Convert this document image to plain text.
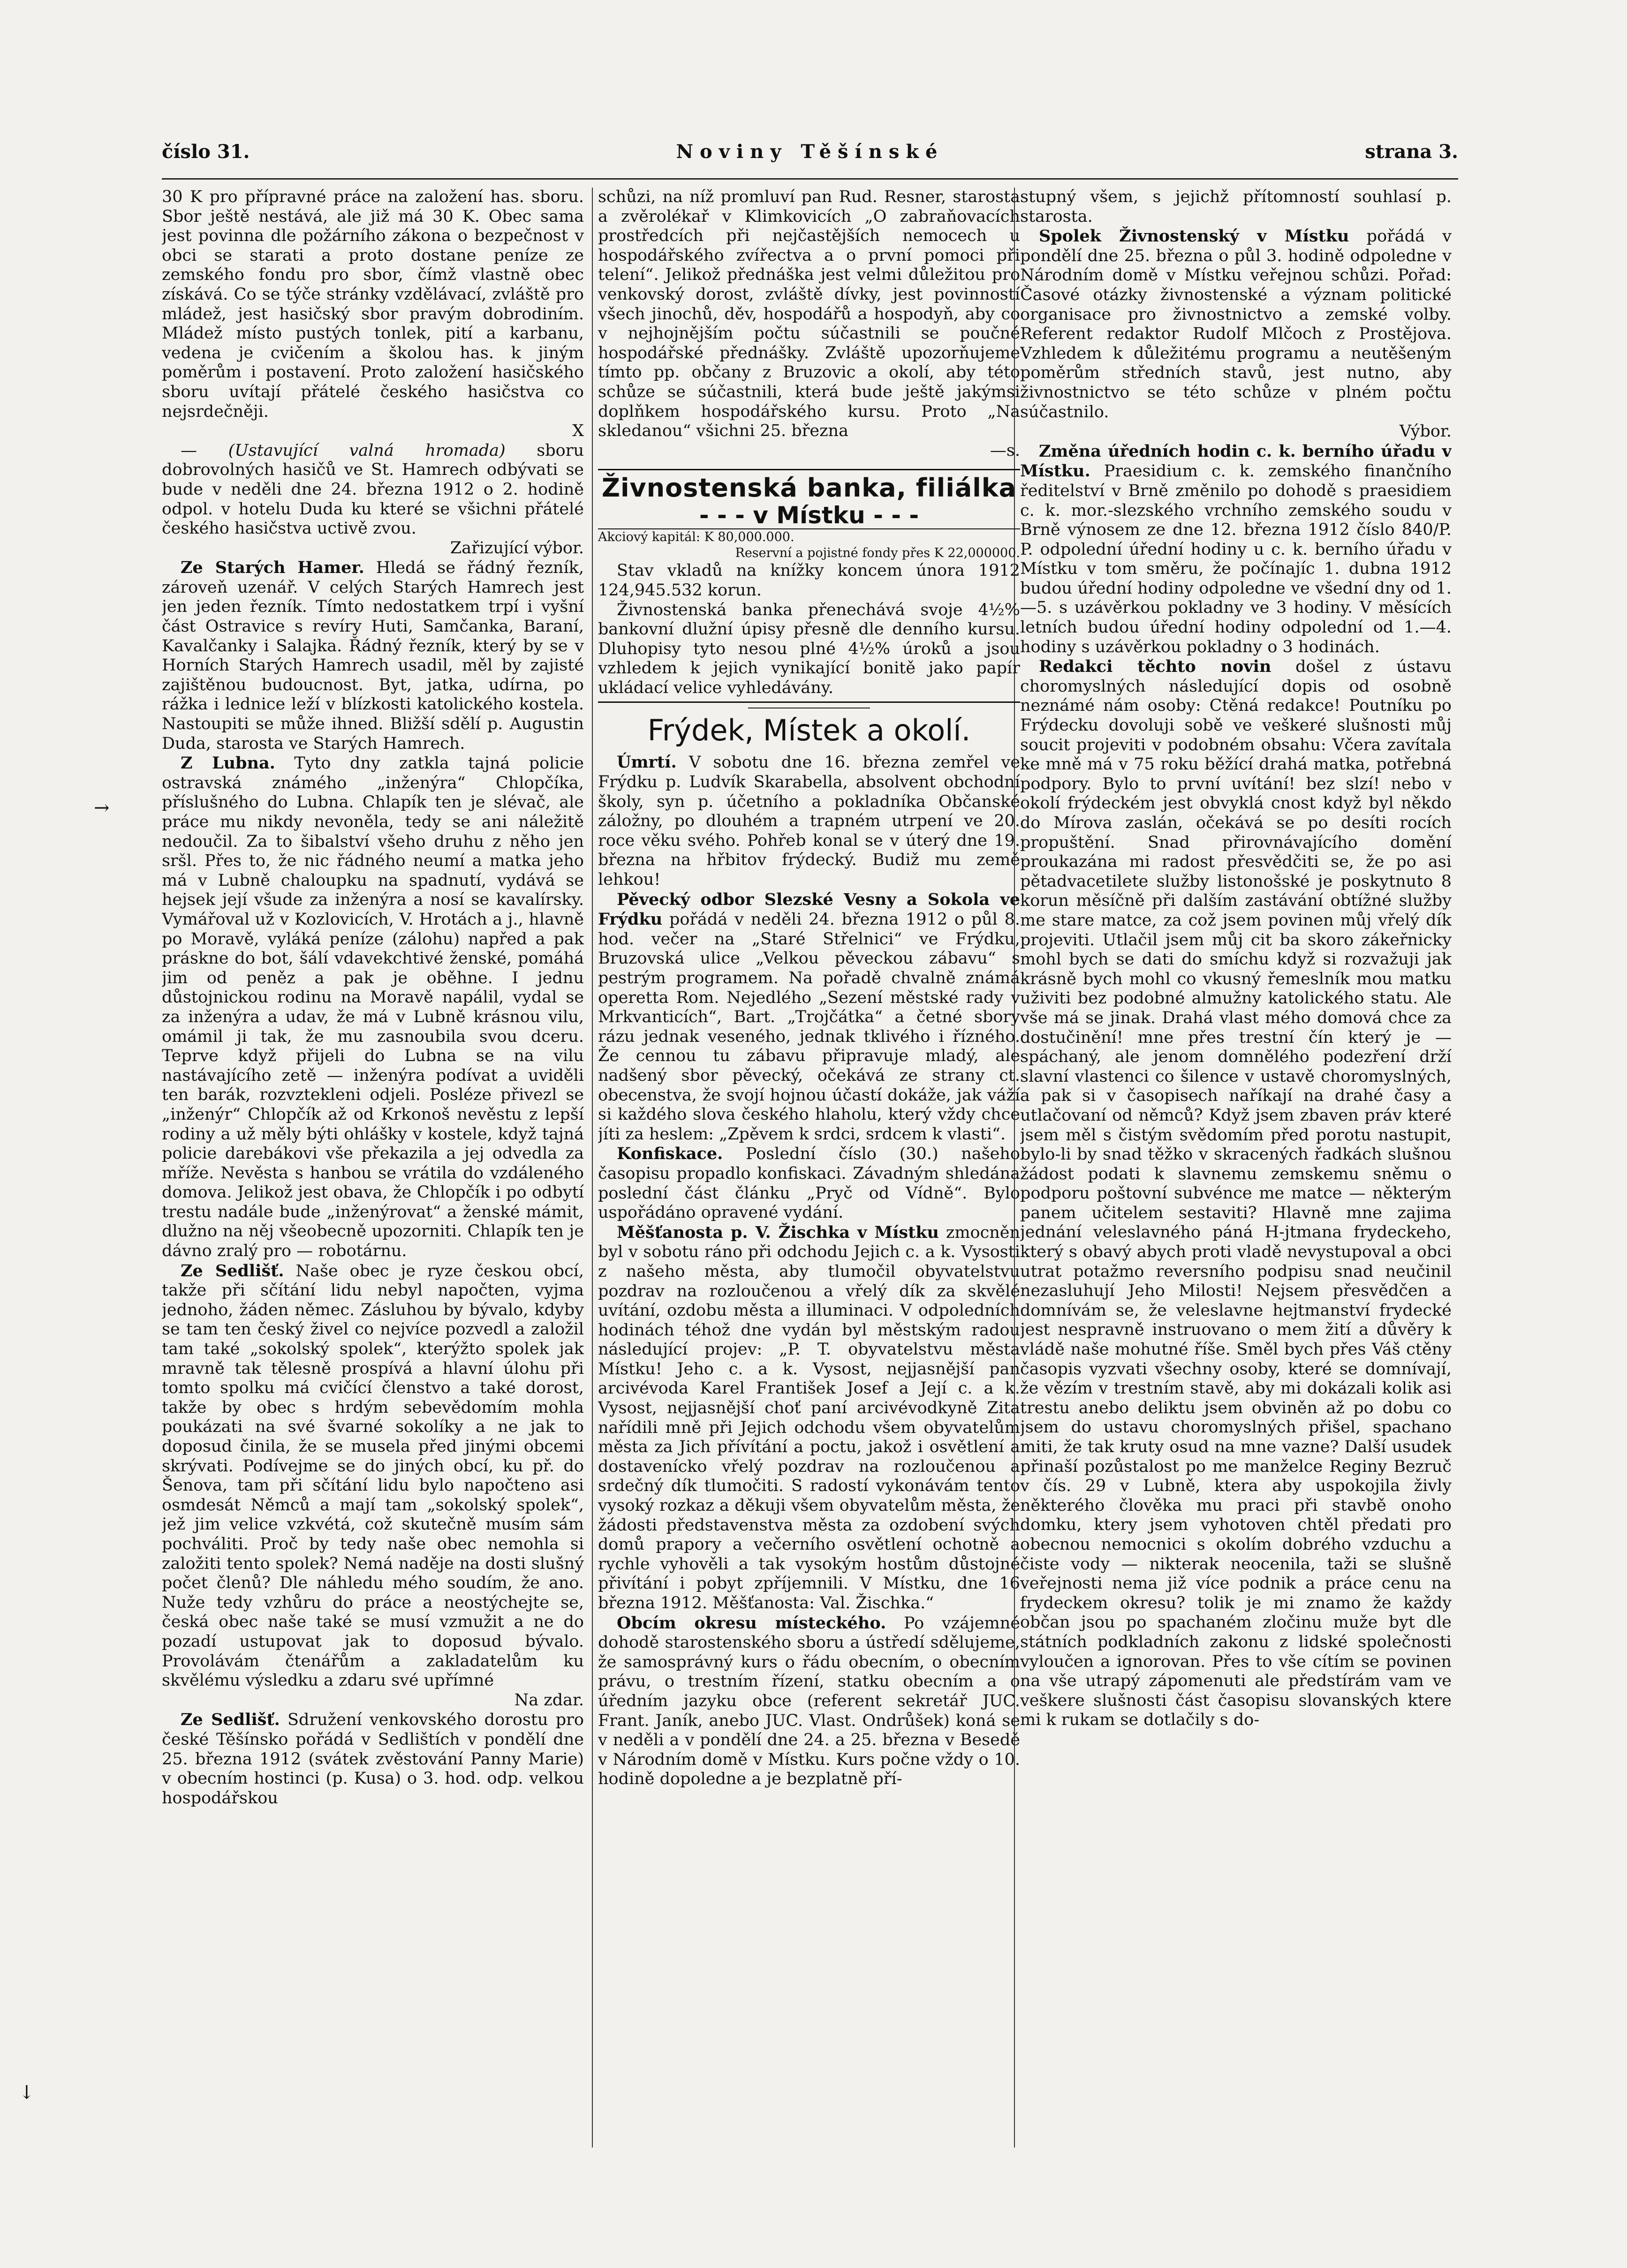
číslo 31.	Noviny Těšínské	strana 3.

30 K pro přípravné práce na založení has. sboru. Sbor ještě nestává, ale již má 30 K. Obec sama jest povinna dle požárního zákona o bezpečnost v obci se starati a proto dostane peníze ze zemského fondu pro sbor, čímž vlastně obec získává. Co se týče stránky vzdělávací, zvláště pro mládež, jest hasičský sbor pravým dobrodiním. Mládež místo pustých tonlek, pití a karbanu, vedena je cvičením a školou has. k jiným poměrům i postavení. Proto založení hasičského sboru uvítají přátelé českého hasičstva co nejsrdečněji.

X

— (Ustavující valná hromada) sboru dobrovolných hasičů ve St. Hamrech odbývati se bude v neděli dne 24. března 1912 o 2. hodině odpol. v hotelu Duda ku které se všichni přátelé českého hasičstva uctivě zvou.

Zařizující výbor.

Ze Starých Hamer. Hledá se řádný řezník, zároveň uzenář. V celých Starých Hamrech jest jen jeden řezník. Tímto nedostatkem trpí i vyšní část Ostravice s revíry Huti, Samčanka, Baraní, Kavalčanky i Salajka. Řádný řezník, který by se v Horních Starých Hamrech usadil, měl by zajisté zajištěnou budoucnost. Byt, jatka, udírna, po rážka i lednice leží v blízkosti katolického kostela. Nastoupiti se může ihned. Bližší sdělí p. Augustin Duda, starosta ve Starých Hamrech.

Z Lubna. Tyto dny zatkla tajná policie ostravská známého „inženýra“ Chlopčíka, příslušného do Lubna. Chlapík ten je slévač, ale práce mu nikdy nevoněla, tedy se ani náležitě nedoučil. Za to šibalství všeho druhu z něho jen sršl. Přes to, že nic řádného neumí a matka jeho má v Lubně chaloupku na spadnutí, vydává se hejsek její všude za inženýra a nosí se kavalírsky. Vymářoval už v Kozlovicích, V. Hrotách a j., hlavně po Moravě, vyláká peníze (zálohu) napřed a pak prásknе do bot, šálí vdavekchtivé ženské, pomáhá jim od peněz a pak je oběhne. I jednu důstojnickou rodinu na Moravě napálil, vydal se za inženýra a udav, že má v Lubně krásnou vilu, omámil ji tak, že mu zasnoubila svou dceru. Teprve když přijeli do Lubna se na vilu nastávajícího zetě — inženýra podívat a uviděli ten barák, rozvztekleni odjeli. Posléze přivezl se „inženýr“ Chlopčík až od Krkonoš nevěstu z lepší rodiny a už měly býti ohlášky v kostele, když tajná policie darebákovi vše překazila a jej odvedla za mříže. Nevěsta s hanbou se vrátila do vzdáleného domova. Jelikož jest obava, že Chlopčík i po odbytí trestu nadále bude „inženýrovat“ a ženské mámit, dlužno na něj všeobecně upozorniti. Chlapík ten je dávno zralý pro — robotárnu.

Ze Sedlišť. Naše obec je ryze českou obcí, takže při sčítání lidu nebyl napočten, vyjma jednoho, žáden němec. Zásluhou by bývalo, kdyby se tam ten český živel co nejvíce pozvedl a založil tam také „sokolský spolek“, kterýžto spolek jak mravně tak tělesně prospívá a hlavní úlohu při tomto spolku má cvičící členstvo a také dorost, takže by obec s hrdým sebevědomím mohla poukázati na své švarné sokolíky a ne jak to doposud činila, že se musela před jinými obcemi skrývati. Podívejme se do jiných obcí, ku př. do Šenova, tam při sčítání lidu bylo napočteno asi osmdesát Němců a mají tam „sokolský spolek“, jež jim velice vzkvétá, což skutečně musím sám pochváliti. Proč by tedy naše obec nemohla si založiti tento spolek? Nemá naděje na dosti slušný počet členů? Dle náhledu mého soudím, že ano. Nuže tedy vzhůru do práce a neostýchejte se, česká obec naše také se musí vzmužit a ne do pozadí ustupovat jak to doposud bývalo. Provolávám čtenářům a zakladatelům ku skvělému výsledku a zdaru své upřímné

Na zdar.

Ze Sedlišť. Sdružení venkovského dorostu pro české Těšínsko pořádá v Sedlištích v pondělí dne 25. března 1912 (svátek zvěstování Panny Marie) v obecním hostinci (p. Kusa) o 3. hod. odp. velkou hospodářskou

schůzi, na níž promluví pan Rud. Resner, starosta a zvěrolékař v Klimkovicích „O zabraňovacích prostředcích při nejčastějších nemocech u hospodářského zvířectva a o první pomoci při telení“. Jelikož přednáška jest velmi důležitou pro venkovský dorost, zvláště dívky, jest povinností všech jinochů, děv, hospodářů a hospodyň, aby co v nejhojnějším počtu súčastnili se poučné hospodářské přednášky. Zvláště upozorňujeme tímto pp. občany z Bruzovic a okolí, aby této schůze se súčastnili, která bude ještě jakýmsi doplňkem hospodářského kursu. Proto „Na skledanou“ všichni 25. března

—s.

Živnostenská banka, filiálka
- - - v Místku - - -

Akciový kapitál: K 80,000.000.

Reservní a pojistné fondy přes K 22,000000.

Stav vkladů na knížky koncem února 1912 124,945.532 korun.

Živnostenská banka přenechává svoje 4½% bankovní dlužní úpisy přesně dle denního kursu. Dluhopisy tyto nesou plné 4½% úroků a jsou vzhledem k jejich vynikající bonitě jako papír ukládací velice vyhledávány.

Frýdek, Místek a okolí.

Úmrtí. V sobotu dne 16. března zemřel ve Frýdku p. Ludvík Skarabella, absolvent obchodní školy, syn p. účetního a pokladníka Občanské záložny, po dlouhém a trapném utrpení ve 20. roce věku svého. Pohřeb konal se v úterý dne 19. března na hřbitov frýdecký. Budiž mu země lehkou!

Pěvecký odbor Slezské Vesny a Sokola ve Frýdku pořádá v neděli 24. března 1912 o půl 8. hod. večer na „Staré Střelnici“ ve Frýdku, Bruzovská ulice „Velkou pěveckou zábavu“ s pestrým programem. Na pořadě chvalně známá operetta Rom. Nejedlého „Sezení městské rady v Mrkvanticích“, Bart. „Trojčátka“ a četné sbory rázu jednak veseného, jednak tklivého i řízného. Že cennou tu zábavu připravuje mladý, ale nadšený sbor pěvecký, očekává ze strany ct. obecenstva, že svojí hojnou účastí dokáže, jak váží si každého slova českého hlaholu, který vždy chce jíti za heslem: „Zpěvem k srdci, srdcem k vlasti“.

Konfiskace. Poslední číslo (30.) našeho časopisu propadlo konfiskaci. Závadným shledána poslední část článku „Pryč od Vídně“. Bylo uspořádáno opravené vydání.

Měšťanosta p. V. Žischka v Místku zmocněn byl v sobotu ráno při odchodu Jejich c. a k. Vysosti z našeho města, aby tlumočil obyvatelstvu pozdrav na rozloučenou a vřelý dík za skvělé uvítání, ozdobu města a illuminaci. V odpoledních hodinách téhož dne vydán byl městským radou následující projev: „P. T. obyvatelstvu města Místku! Jeho c. a k. Vysost, nejjasnější pan arcivévoda Karel František Josef a Její c. a k. Vysost, nejjasnější choť paní arcivévodkyně Zita nařídili mně při Jejich odchodu všem obyvatelům města za Jich přívítání a poctu, jakož i osvětlení a dostavenícko vřelý pozdrav na rozloučenou a srdečný dík tlumočiti. S radostí vykonávám tento vysoký rozkaz a děkuji všem obyvatelům města, že žádosti představenstva města za ozdobení svých domů prapory a večerního osvětlení ochotně a rychle vyhověli a tak vysokým hostům důstojné přivítání i pobyt zpříjemnili. V Místku, dne 16 března 1912. Měšťanosta: Val. Žischka.“

Obcím okresu místeckého. Po vzájemné dohodě starostenského sboru a ústředí sdělujeme, že samosprávný kurs o řádu obecním, o obecním právu, o trestním řízení, statku obecním a o úředním jazyku obce (referent sekretář JUC. Frant. Janík, anebo JUC. Vlast. Ondrůšek) koná se v neděli a v pondělí dne 24. a 25. března v Besedě v Národním domě v Místku. Kurs počne vždy o 10. hodině dopoledne a je bezplatně pří-

stupný všem, s jejichž přítomností souhlasí p. starosta.

Spolek Živnostenský v Místku pořádá v pondělí dne 25. března o půl 3. hodině odpoledne v Národním domě v Místku veřejnou schůzi. Pořad: Časové otázky živnostenské a význam politické organisace pro živnostnictvo a zemské volby. Referent redaktor Rudolf Mlčoch z Prostějova. Vzhledem k důležitému programu a neutěšeným poměrům středních stavů, jest nutno, aby živnostnictvo se této schůze v plném počtu súčastnilo.

Výbor.

Změna úředních hodin c. k. berního úřadu v Místku. Praesidium c. k. zemského finančního ředitelství v Brně změnilo po dohodě s praesidiem c. k. mor.-slezského vrchního zemského soudu v Brně výnosem ze dne 12. března 1912 číslo 840/P. P. odpolední úřední hodiny u c. k. berního úřadu v Místku v tom směru, že počínajíc 1. dubna 1912 budou úřední hodiny odpoledne ve všední dny od 1.—5. s uzávěrkou pokladny ve 3 hodiny. V měsících letních budou úřední hodiny odpolední od 1.—4. hodiny s uzávěrkou pokladny o 3 hodinách.

Redakci těchto novin došel z ústavu choromyslných následující dopis od osobně neznámé nám osoby: Ctěná redakce! Poutníku po Frýdecku dovoluji sobě ve veškeré slušnosti můj soucit projeviti v podobném obsahu: Včera zavítala ke mně má v 75 roku běžící drahá matka, potřebná podpory. Bylo to první uvítání! bez slzí! nebo v okolí frýdeckém jest obvyklá cnost když byl někdo do Mírova zaslán, očekává se po desíti rocích propuštění. Snad přirovnávajícího domění proukazána mi radost přesvědčiti se, že po asi pětadvacetilete služby listonošské je poskytnuto 8 korun měsíčně při dalším zastávání obtížné služby me stare matce, za což jsem povinen můj vřelý dík projeviti. Utlačil jsem můj cit ba skoro zákeřnicky mohl bych se dati do smíchu když si rozvažuji jak krásně bych mohl co vkusný řemeslník mou matku uživiti bez podobné almužny katolického statu. Ale vše má se jinak. Drahá vlast mého domová chce za dostučinění! mne přes trestní čín který je — spáchaný, ale jenom domnělého podezření drží slavní vlastenci co šilence v ustavě choromyslných, a pak si v časopisech naříkají na drahé časy a utlačovaní od němců? Když jsem zbaven práv které jsem měl s čistým svědomím před porotu nastupit, bylo-li by snad těžko v skracených řadkách slušnou žádost podati k slavnemu zemskemu sněmu o podporu poštovní subvénce me matce — některým panem učitelem sestaviti? Hlavně mne zajima jednání veleslavného páná H-jtmana frydeckeho, který s obavý abych proti vladě nevystupoval a obci utrat potažmo reversního podpisu snad neučinil nezasluhují Jeho Milosti! Nejsem přesvědčen a domnívám se, že veleslavne hejtmanství frydecké jest nespravně instruovano o mem žití a důvěry k vládě naše mohutné říše. Směl bych přes Váš ctěny časopis vyzvati všechny osoby, které se domnívají, že vězím v trestním stavě, aby mi dokázali kolik asi trestu anebo deliktu jsem obviněn až po dobu co jsem do ustavu choromyslných přišel, spachano mitі, že tak kruty osud na mne vazne? Další usudek přinaší pozůstalost po me manželce Reginy Bezruč v čís. 29 v Lubně, ktera aby uspokojila živly některého člověka mu praci při stavbě onoho domku, ktery jsem vyhotoven chtěl předati pro obecnou nemocnici s okolím dobrého vzduchu a čiste vody — nikterak neocenila, taži se slušně veřejnosti nema již více podnik a práce cenu na frydeckem okresu? tolik je mi znamo že každy občan jsou po spachaném zločinu muže byt dle státních podkladních zakonu z lidské společnosti vyloučen a ignorovan. Přes to vše cítím se povinen na vše utrapý zápomenuti ale předstírám vam ve veškere slušnosti část časopisu slovanských ktere mi k rukam se dotlačily s do-

→
↓
